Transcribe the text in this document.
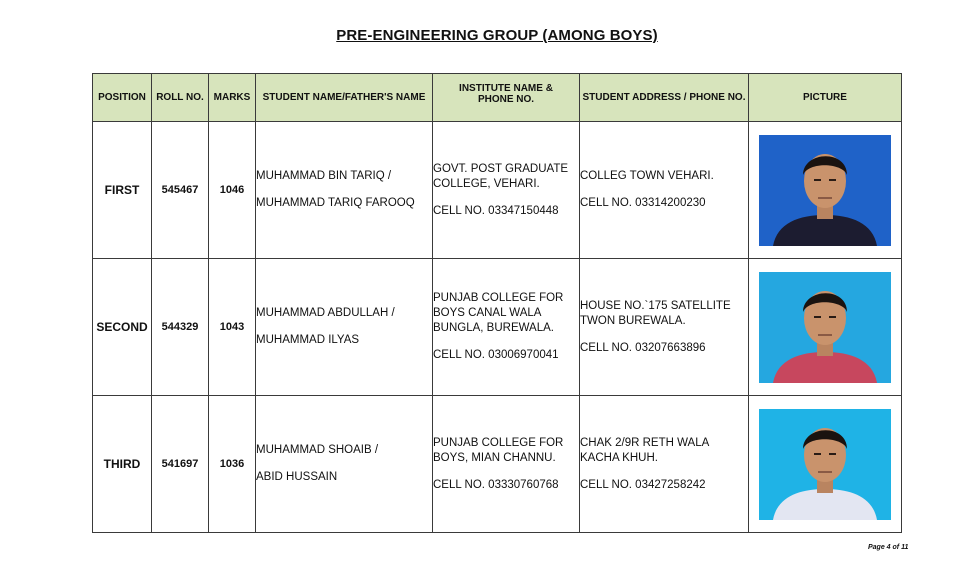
PRE-ENGINEERING GROUP (AMONG BOYS)
POSITION	ROLL NO.	MARKS	STUDENT NAME/FATHER'S NAME	INSTITUTE NAME &
PHONE NO.	STUDENT ADDRESS / PHONE NO.	PICTURE
FIRST	545467	1046	MUHAMMAD BIN TARIQ /
MUHAMMAD TARIQ FAROOQ	GOVT. POST GRADUATE
COLLEGE, VEHARI.
CELL NO. 03347150448	COLLEG TOWN VEHARI.
CELL NO. 03314200230

SECOND	544329	1043	MUHAMMAD ABDULLAH /
MUHAMMAD ILYAS	PUNJAB COLLEGE FOR
BOYS CANAL WALA
BUNGLA, BUREWALA.
CELL NO. 03006970041	HOUSE NO.`175 SATELLITE
TWON BUREWALA.
CELL NO. 03207663896

THIRD	541697	1036	MUHAMMAD SHOAIB /
ABID HUSSAIN	PUNJAB COLLEGE FOR
BOYS, MIAN CHANNU.
CELL NO. 03330760768	CHAK 2/9R RETH WALA
KACHA KHUH.
CELL NO. 03427258242

Page 4 of 11
